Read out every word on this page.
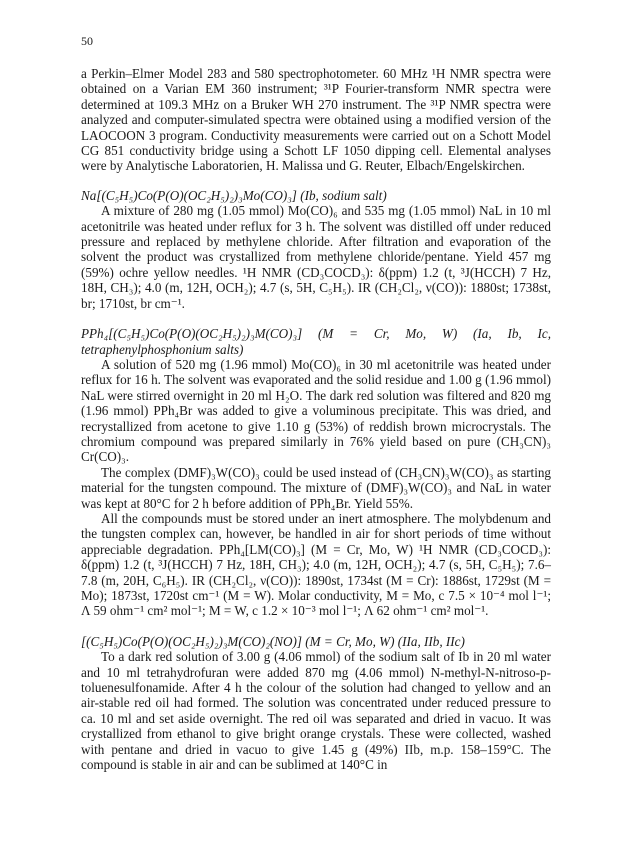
50

a Perkin–Elmer Model 283 and 580 spectrophotometer. 60 MHz ¹H NMR spectra were obtained on a Varian EM 360 instrument; ³¹P Fourier-transform NMR spectra were determined at 109.3 MHz on a Bruker WH 270 instrument. The ³¹P NMR spectra were analyzed and computer-simulated spectra were obtained using a modified version of the LAOCOON 3 program. Conductivity measurements were carried out on a Schott Model CG 851 conductivity bridge using a Schott LF 1050 dipping cell. Elemental analyses were by Analytische Laboratorien, H. Malissa und G. Reuter, Elbach/Engelskirchen.

Na[(C₅H₅)Co(P(O)(OC₂H₅)₂)₃Mo(CO)₃] (Ib, sodium salt)

A mixture of 280 mg (1.05 mmol) Mo(CO)₆ and 535 mg (1.05 mmol) NaL in 10 ml acetonitrile was heated under reflux for 3 h. The solvent was distilled off under reduced pressure and replaced by methylene chloride. After filtration and evaporation of the solvent the product was crystallized from methylene chloride/pentane. Yield 457 mg (59%) ochre yellow needles. ¹H NMR (CD₃COCD₃): δ(ppm) 1.2 (t, ³J(HCCH) 7 Hz, 18H, CH₃); 4.0 (m, 12H, OCH₂); 4.7 (s, 5H, C₅H₅). IR (CH₂Cl₂, ν(CO)): 1880st; 1738st, br; 1710st, br cm⁻¹.

PPh₄[(C₅H₅)Co(P(O)(OC₂H₅)₂)₃M(CO)₃] (M = Cr, Mo, W) (Ia, Ib, Ic, tetraphenylphosphonium salts)

A solution of 520 mg (1.96 mmol) Mo(CO)₆ in 30 ml acetonitrile was heated under reflux for 16 h. The solvent was evaporated and the solid residue and 1.00 g (1.96 mmol) NaL were stirred overnight in 20 ml H₂O. The dark red solution was filtered and 820 mg (1.96 mmol) PPh₄Br was added to give a voluminous precipitate. This was dried, and recrystallized from acetone to give 1.10 g (53%) of reddish brown microcrystals. The chromium compound was prepared similarly in 76% yield based on pure (CH₃CN)₃ Cr(CO)₃.

The complex (DMF)₃W(CO)₃ could be used instead of (CH₃CN)₃W(CO)₃ as starting material for the tungsten compound. The mixture of (DMF)₃W(CO)₃ and NaL in water was kept at 80°C for 2 h before addition of PPh₄Br. Yield 55%.

All the compounds must be stored under an inert atmosphere. The molybdenum and the tungsten complex can, however, be handled in air for short periods of time without appreciable degradation. PPh₄[LM(CO)₃] (M = Cr, Mo, W) ¹H NMR (CD₃COCD₃): δ(ppm) 1.2 (t, ³J(HCCH) 7 Hz, 18H, CH₃); 4.0 (m, 12H, OCH₂); 4.7 (s, 5H, C₅H₅); 7.6–7.8 (m, 20H, C₆H₅). IR (CH₂Cl₂, ν(CO)): 1890st, 1734st (M = Cr): 1886st, 1729st (M = Mo); 1873st, 1720st cm⁻¹ (M = W). Molar conductivity, M = Mo, c 7.5 × 10⁻⁴ mol l⁻¹; Λ 59 ohm⁻¹ cm² mol⁻¹; M = W, c 1.2 × 10⁻³ mol l⁻¹; Λ 62 ohm⁻¹ cm² mol⁻¹.

[(C₅H₅)Co(P(O)(OC₂H₅)₂)₃M(CO)₂(NO)] (M = Cr, Mo, W) (IIa, IIb, IIc)

To a dark red solution of 3.00 g (4.06 mmol) of the sodium salt of Ib in 20 ml water and 10 ml tetrahydrofuran were added 870 mg (4.06 mmol) N-methyl-N-nitroso-p-toluenesulfonamide. After 4 h the colour of the solution had changed to yellow and an air-stable red oil had formed. The solution was concentrated under reduced pressure to ca. 10 ml and set aside overnight. The red oil was separated and dried in vacuo. It was crystallized from ethanol to give bright orange crystals. These were collected, washed with pentane and dried in vacuo to give 1.45 g (49%) IIb, m.p. 158–159°C. The compound is stable in air and can be sublimed at 140°C in
